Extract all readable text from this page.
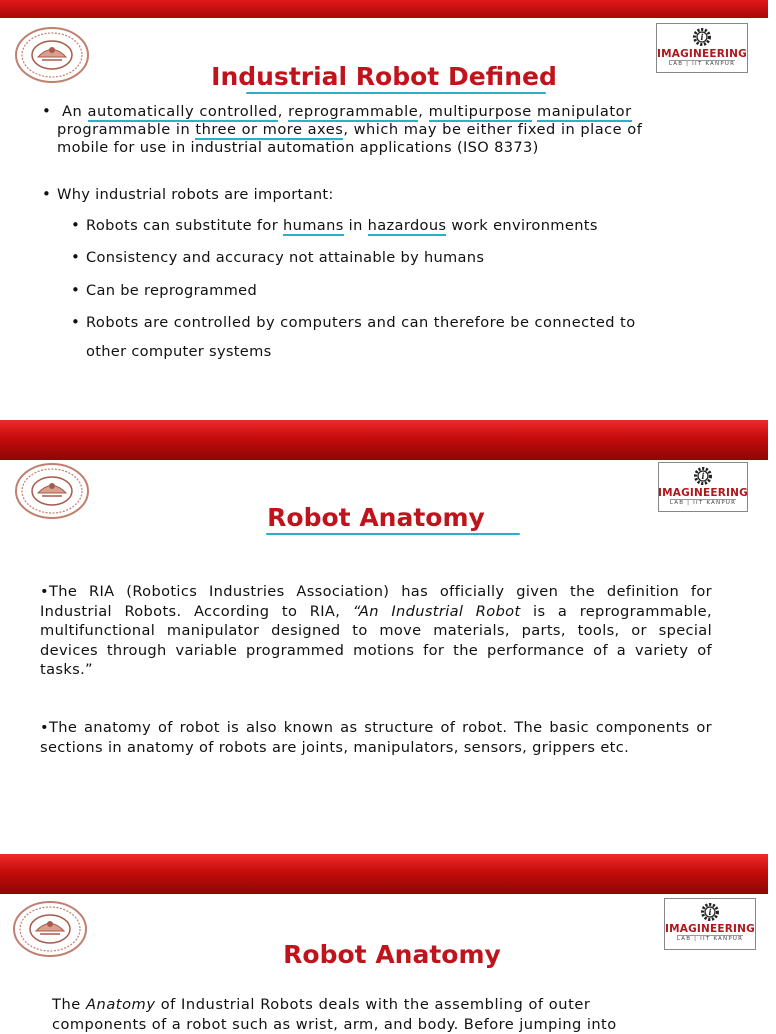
i
IMAGINEERING
LAB | IIT KANPUR
Industrial Robot Defined
• An automatically controlled, reprogrammable, multipurpose manipulator
programmable in three or more axes, which may be either fixed in place of
mobile for use in industrial automation applications (ISO 8373)
• Why industrial robots are important:
• Robots can substitute for humans in hazardous work environments
• Consistency and accuracy not attainable by humans
• Can be reprogrammed
• Robots are controlled by computers and can therefore be connected to
other computer systems
i
IMAGINEERING
LAB | IIT KANPUR
Robot Anatomy
•The RIA (Robotics Industries Association) has officially given the definition for Industrial Robots. According to RIA, “An Industrial Robot is a reprogrammable, multifunctional manipulator designed to move materials, parts, tools, or special devices through variable programmed motions for the performance of a variety of tasks.”
•The anatomy of robot is also known as structure of robot. The basic components or sections in anatomy of robots are joints, manipulators, sensors, grippers etc.
i
IMAGINEERING
LAB | IIT KANPUR
Robot Anatomy
The Anatomy of Industrial Robots deals with the assembling of outer
components of a robot such as wrist, arm, and body. Before jumping into
